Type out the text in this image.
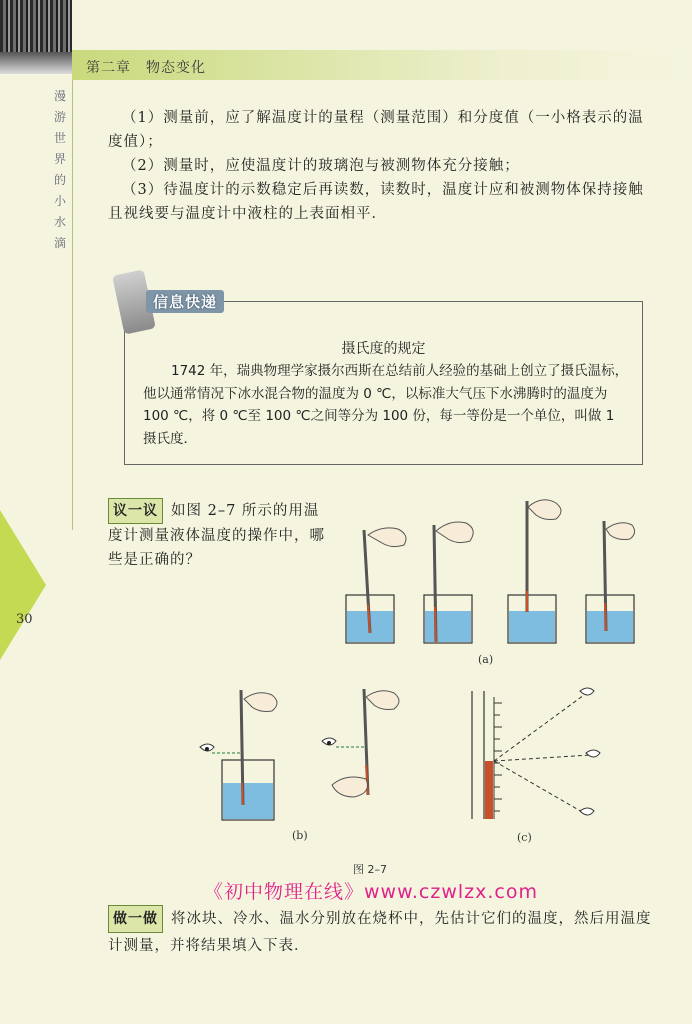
第二章　物态变化
漫游世界的小水滴
30
（1）测量前，应了解温度计的量程（测量范围）和分度值（一小格表示的温度值）；
（2）测量时，应使温度计的玻璃泡与被测物体充分接触；
（3）待温度计的示数稳定后再读数，读数时，温度计应和被测物体保持接触且视线要与温度计中液柱的上表面相平．
摄氏度的规定
1742 年，瑞典物理学家摄尔西斯在总结前人经验的基础上创立了摄氏温标，他以通常情况下冰水混合物的温度为 0 ℃，以标准大气压下水沸腾时的温度为 100 ℃，将 0 ℃至 100 ℃之间等分为 100 份，每一等份是一个单位，叫做 1 摄氏度．
信息快递
议一议 如图 2–7 所示的用温度计测量液体温度的操作中，哪些是正确的？
(a)
(b)	(c)
图 2–7
《初中物理在线》www.czwlzx.com
做一做 将冰块、冷水、温水分别放在烧杯中，先估计它们的温度，然后用温度计测量，并将结果填入下表．
